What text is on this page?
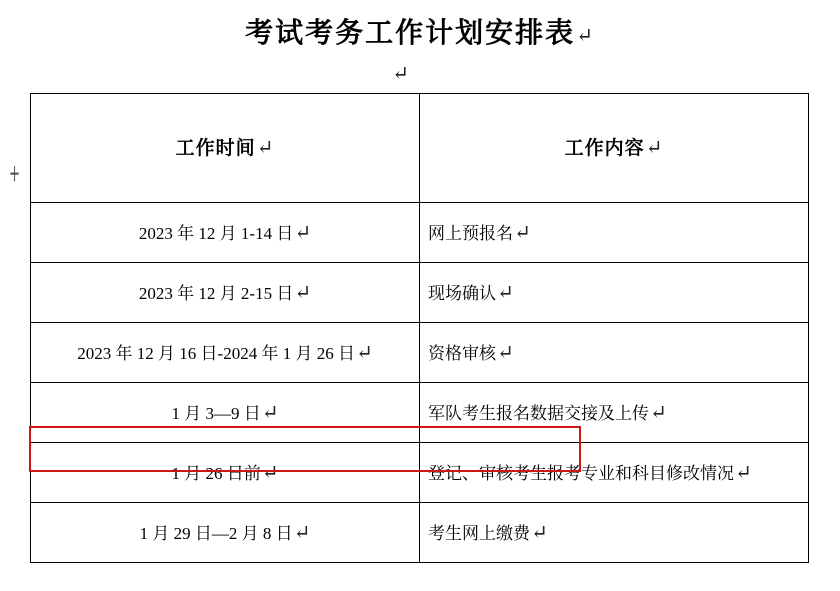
考试考务工作计划安排表↵
↵
┿
工作时间↵	工作内容↵
2023 年 12 月 1-14 日↵	网上预报名↵
2023 年 12 月 2-15 日↵	现场确认↵
2023 年 12 月 16 日-2024 年 1 月 26 日↵	资格审核↵
1 月 3—9 日↵	军队考生报名数据交接及上传↵
1 月 26 日前↵	登记、审核考生报考专业和科目修改情况↵
1 月 29 日—2 月 8 日↵	考生网上缴费↵
